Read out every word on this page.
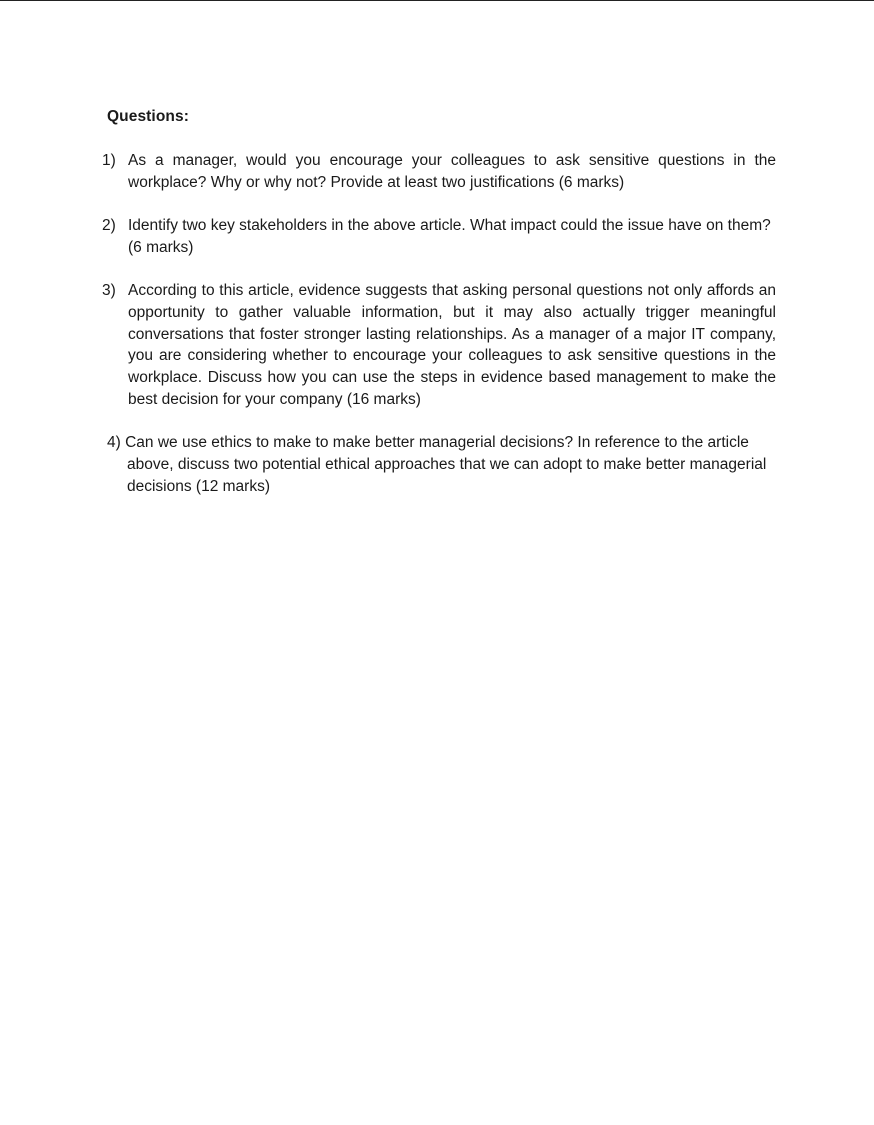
Questions:
1) As a manager, would you encourage your colleagues to ask sensitive questions in the workplace? Why or why not? Provide at least two justifications (6 marks)
2) Identify two key stakeholders in the above article. What impact could the issue have on them? (6 marks)
3) According to this article, evidence suggests that asking personal questions not only affords an opportunity to gather valuable information, but it may also actually trigger meaningful conversations that foster stronger lasting relationships. As a manager of a major IT company, you are considering whether to encourage your colleagues to ask sensitive questions in the workplace. Discuss how you can use the steps in evidence based management to make the best decision for your company (16 marks)
4) Can we use ethics to make to make better managerial decisions? In reference to the article
above, discuss two potential ethical approaches that we can adopt to make better managerial decisions (12 marks)
